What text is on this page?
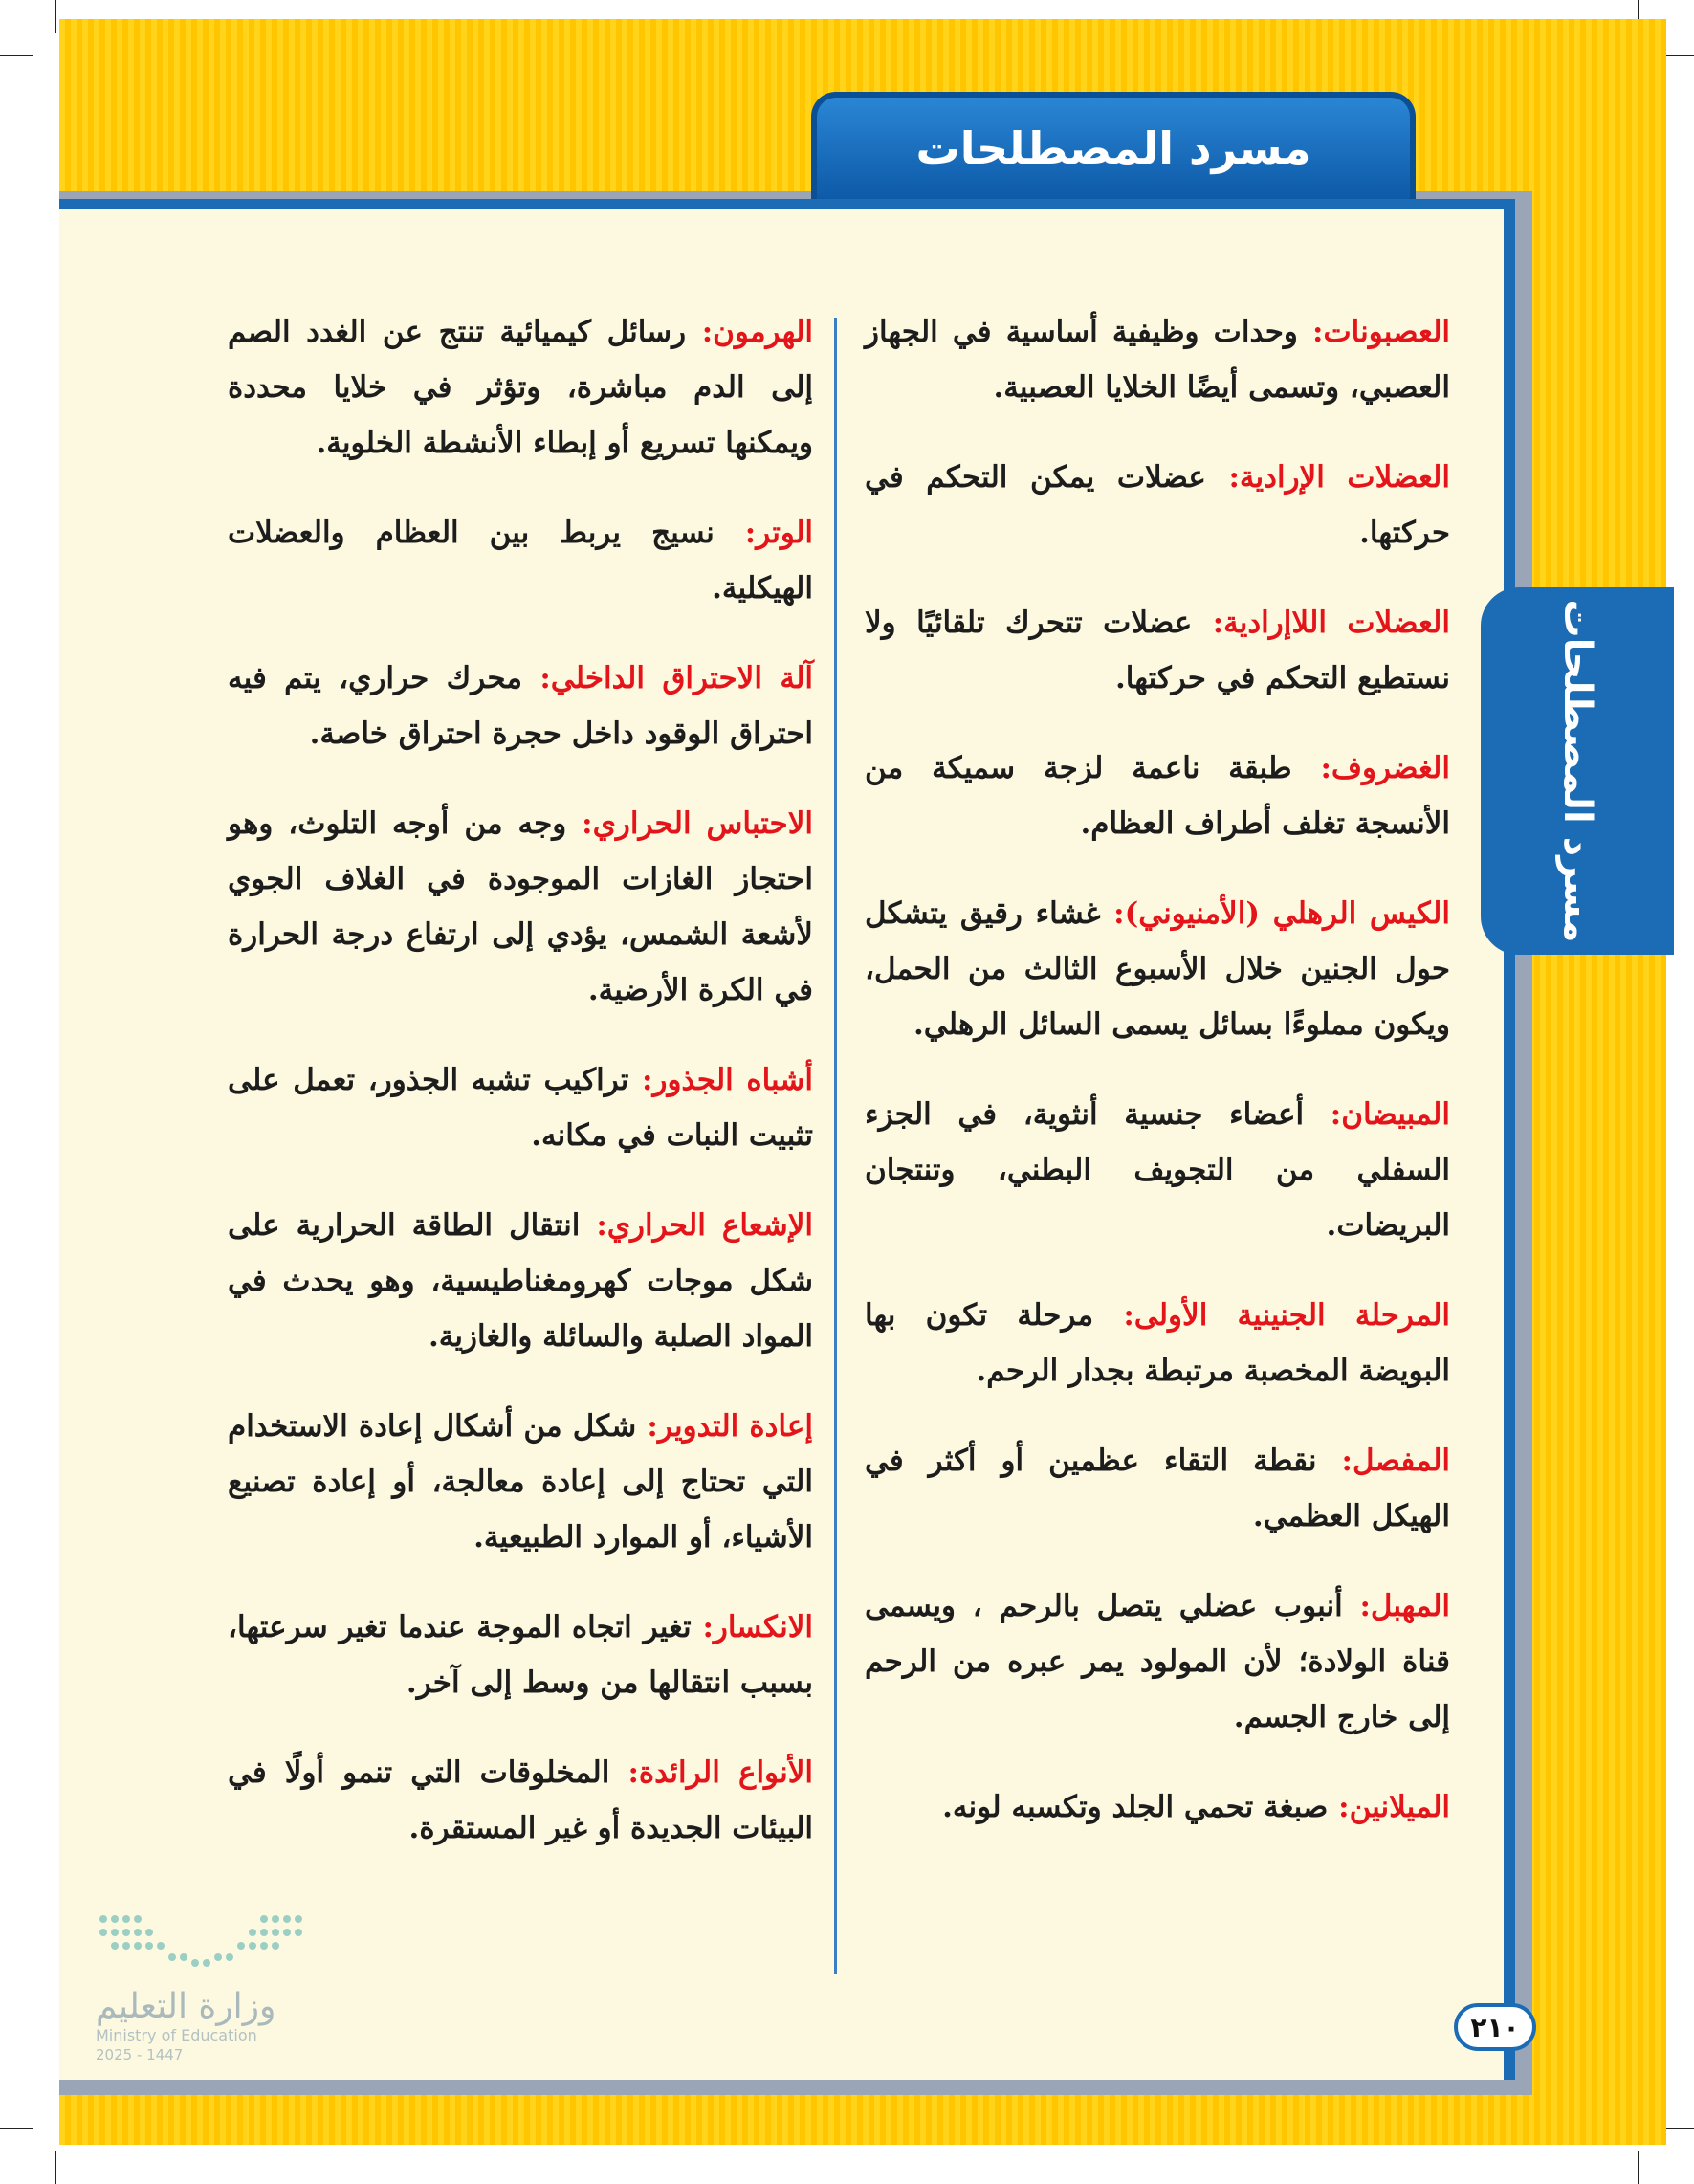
مسرد المصطلحات
مسرد المصطلحات

العصبونات: وحدات وظيفية أساسية في الجهاز العصبي، وتسمى أيضًا الخلايا العصبية.

العضلات الإرادية: عضلات يمكن التحكم في حركتها.

العضلات اللاإرادية: عضلات تتحرك تلقائيًا ولا نستطيع التحكم في حركتها.

الغضروف: طبقة ناعمة لزجة سميكة من الأنسجة تغلف أطراف العظام.

الكيس الرهلي (الأمنيوني): غشاء رقيق يتشكل حول الجنين خلال الأسبوع الثالث من الحمل، ويكون مملوءًا بسائل يسمى السائل الرهلي.

المبيضان: أعضاء جنسية أنثوية، في الجزء السفلي من التجويف البطني، وتنتجان البريضات.

المرحلة الجنينية الأولى: مرحلة تكون بها البويضة المخصبة مرتبطة بجدار الرحم.

المفصل: نقطة التقاء عظمين أو أكثر في الهيكل العظمي.

المهبل: أنبوب عضلي يتصل بالرحم ، ويسمى قناة الولادة؛ لأن المولود يمر عبره من الرحم إلى خارج الجسم.

الميلانين: صبغة تحمي الجلد وتكسبه لونه.

الهرمون: رسائل كيميائية تنتج عن الغدد الصم إلى الدم مباشرة، وتؤثر في خلايا محددة ويمكنها تسريع أو إبطاء الأنشطة الخلوية.

الوتر: نسيج يربط بين العظام والعضلات الهيكلية.

آلة الاحتراق الداخلي: محرك حراري، يتم فيه احتراق الوقود داخل حجرة احتراق خاصة.

الاحتباس الحراري: وجه من أوجه التلوث، وهو احتجاز الغازات الموجودة في الغلاف الجوي لأشعة الشمس، يؤدي إلى ارتفاع درجة الحرارة في الكرة الأرضية.

أشباه الجذور: تراكيب تشبه الجذور، تعمل على تثبيت النبات في مكانه.

الإشعاع الحراري: انتقال الطاقة الحرارية على شكل موجات كهرومغناطيسية، وهو يحدث في المواد الصلبة والسائلة والغازية.

إعادة التدوير: شكل من أشكال إعادة الاستخدام التي تحتاج إلى إعادة معالجة، أو إعادة تصنيع الأشياء، أو الموارد الطبيعية.

الانكسار: تغير اتجاه الموجة عندما تغير سرعتها، بسبب انتقالها من وسط إلى آخر.

الأنواع الرائدة: المخلوقات التي تنمو أولًا في البيئات الجديدة أو غير المستقرة.

٢١٠
وزارة التعليم
Ministry of Education
2025 - 1447
